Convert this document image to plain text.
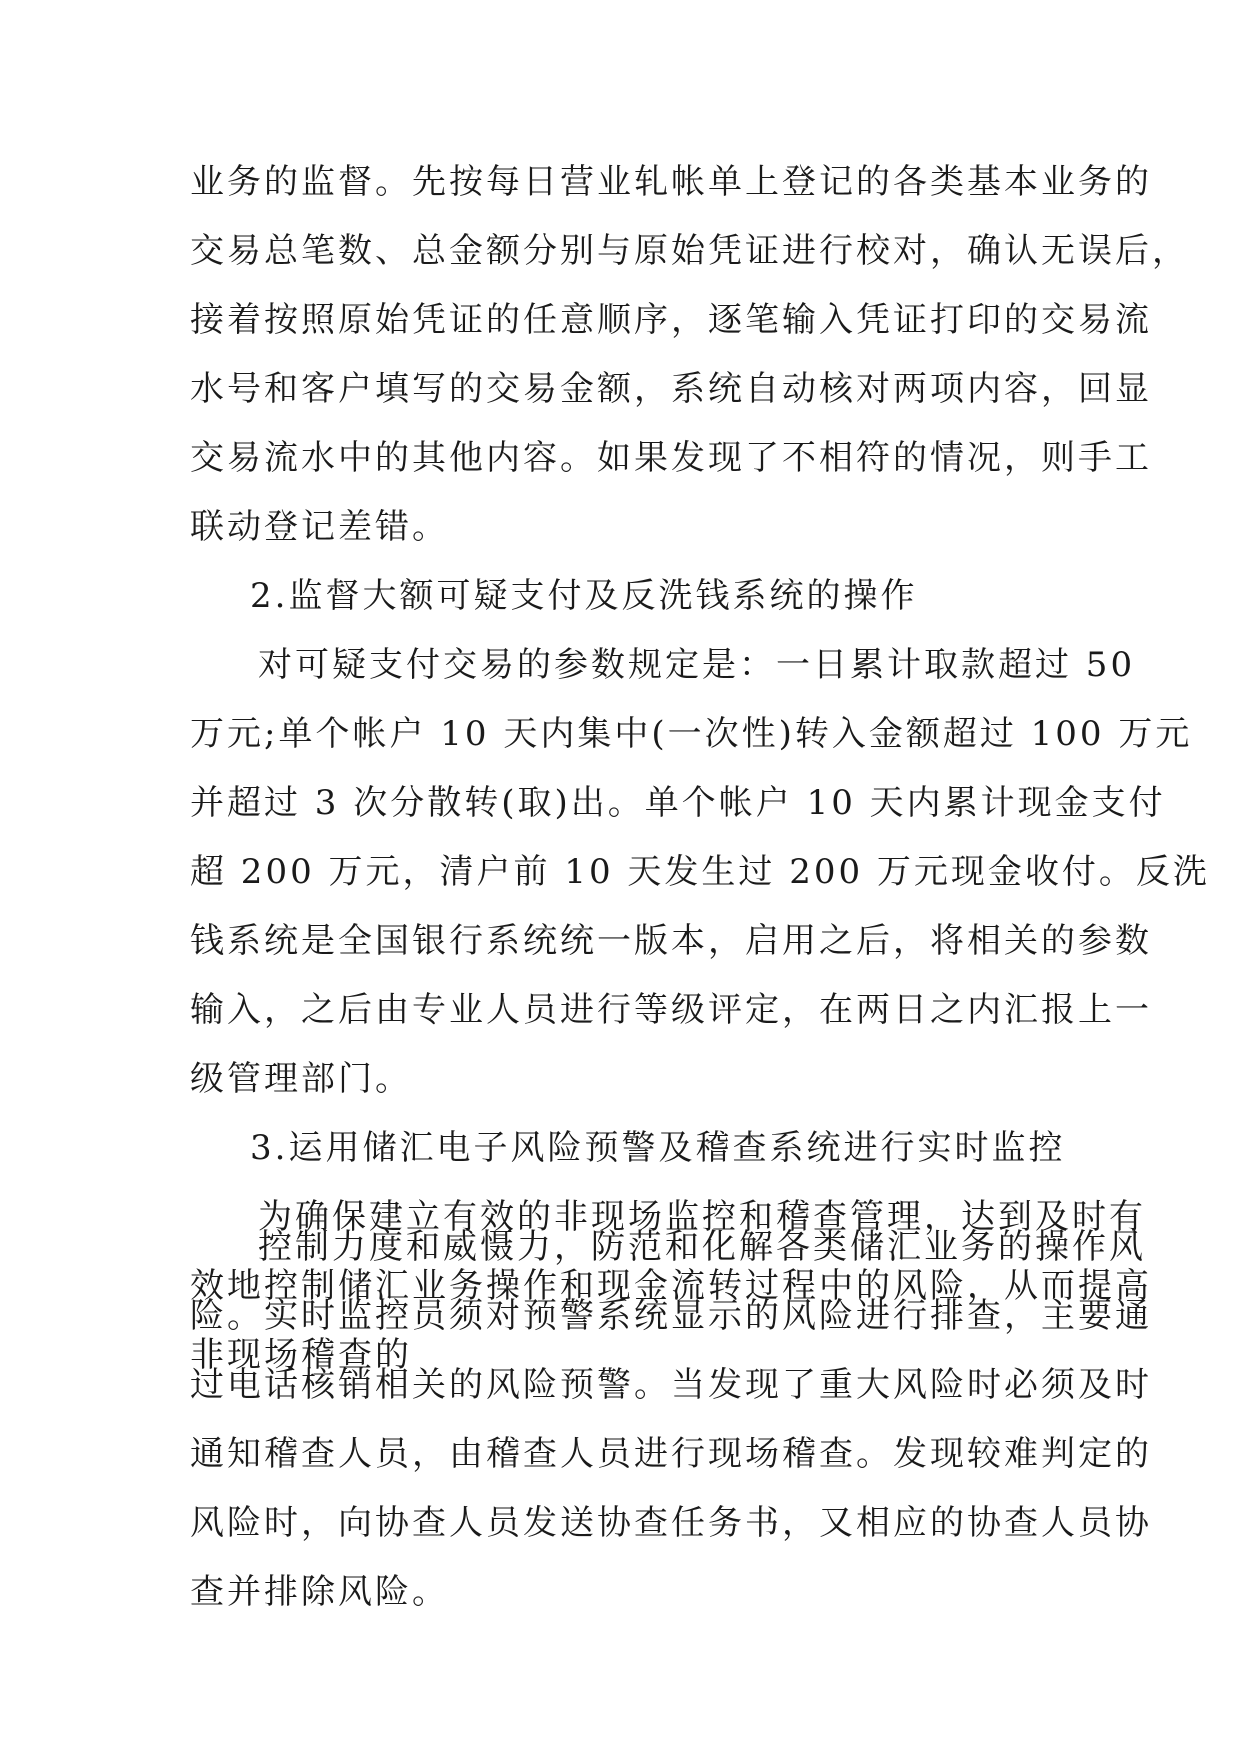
业务的监督。先按每日营业轧帐单上登记的各类基本业务的
交易总笔数、总金额分别与原始凭证进行校对，确认无误后，
接着按照原始凭证的任意顺序，逐笔输入凭证打印的交易流
水号和客户填写的交易金额，系统自动核对两项内容，回显
交易流水中的其他内容。如果发现了不相符的情况，则手工
联动登记差错。
2.监督大额可疑支付及反洗钱系统的操作
对可疑支付交易的参数规定是：一日累计取款超过 50
万元;单个帐户 10 天内集中(一次性)转入金额超过 100 万元
并超过 3 次分散转(取)出。单个帐户 10 天内累计现金支付
超 200 万元，清户前 10 天发生过 200 万元现金收付。反洗
钱系统是全国银行系统统一版本，启用之后，将相关的参数
输入，之后由专业人员进行等级评定，在两日之内汇报上一
级管理部门。
3.运用储汇电子风险预警及稽查系统进行实时监控
为确保建立有效的非现场监控和稽查管理，达到及时有
效地控制储汇业务操作和现金流转过程中的风险，从而提高
非现场稽查的
控制力度和威慑力，防范和化解各类储汇业务的操作风
险。实时监控员须对预警系统显示的风险进行排查，主要通
过电话核销相关的风险预警。当发现了重大风险时必须及时
通知稽查人员，由稽查人员进行现场稽查。发现较难判定的
风险时，向协查人员发送协查任务书，又相应的协查人员协
查并排除风险。
